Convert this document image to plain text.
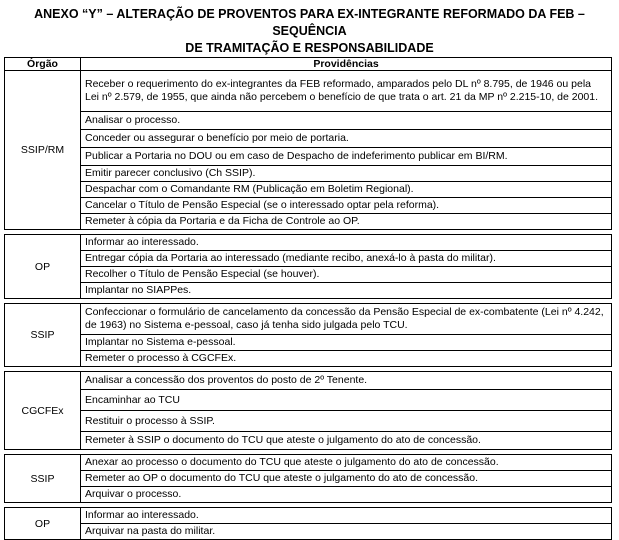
ANEXO “Y” – ALTERAÇÃO DE PROVENTOS PARA EX-INTEGRANTE REFORMADO DA FEB – SEQUÊNCIA
DE TRAMITAÇÃO E RESPONSABILIDADE
Órgão	Providências
SSIP/RM	Receber o requerimento do ex-integrantes da FEB reformado, amparados pelo DL nº 8.795, de 1946 ou pela Lei nº 2.579, de 1955, que ainda não percebem o benefício de que trata o art. 21 da MP nº 2.215-10, de 2001.
	Analisar o processo.
	Conceder ou assegurar o benefício por meio de portaria.
	Publicar a Portaria no DOU ou em caso de Despacho de indeferimento publicar em BI/RM.
	Emitir parecer conclusivo (Ch SSIP).
	Despachar com o Comandante RM (Publicação em Boletim Regional).
	Cancelar o Título de Pensão Especial (se o interessado optar pela reforma).
	Remeter à cópia da Portaria e da Ficha de Controle ao OP.

OP	Informar ao interessado.
	Entregar cópia da Portaria ao interessado (mediante recibo, anexá-lo à pasta do militar).
	Recolher o Título de Pensão Especial (se houver).
	Implantar no SIAPPes.

SSIP	Confeccionar o formulário de cancelamento da concessão da Pensão Especial de ex-combatente (Lei nº 4.242, de 1963) no Sistema e-pessoal, caso já tenha sido julgada pelo TCU.
	Implantar no Sistema e-pessoal.
	Remeter o processo à CGCFEx.

CGCFEx	Analisar a concessão dos proventos do posto de 2º Tenente.
	Encaminhar ao TCU
	Restituir o processo à SSIP.
	Remeter à SSIP o documento do TCU que ateste o julgamento do ato de concessão.

SSIP	Anexar ao processo o documento do TCU que ateste o julgamento do ato de concessão.
	Remeter ao OP o documento do TCU que ateste o julgamento do ato de concessão.
	Arquivar o processo.

OP	Informar ao interessado.
	Arquivar na pasta do militar.
